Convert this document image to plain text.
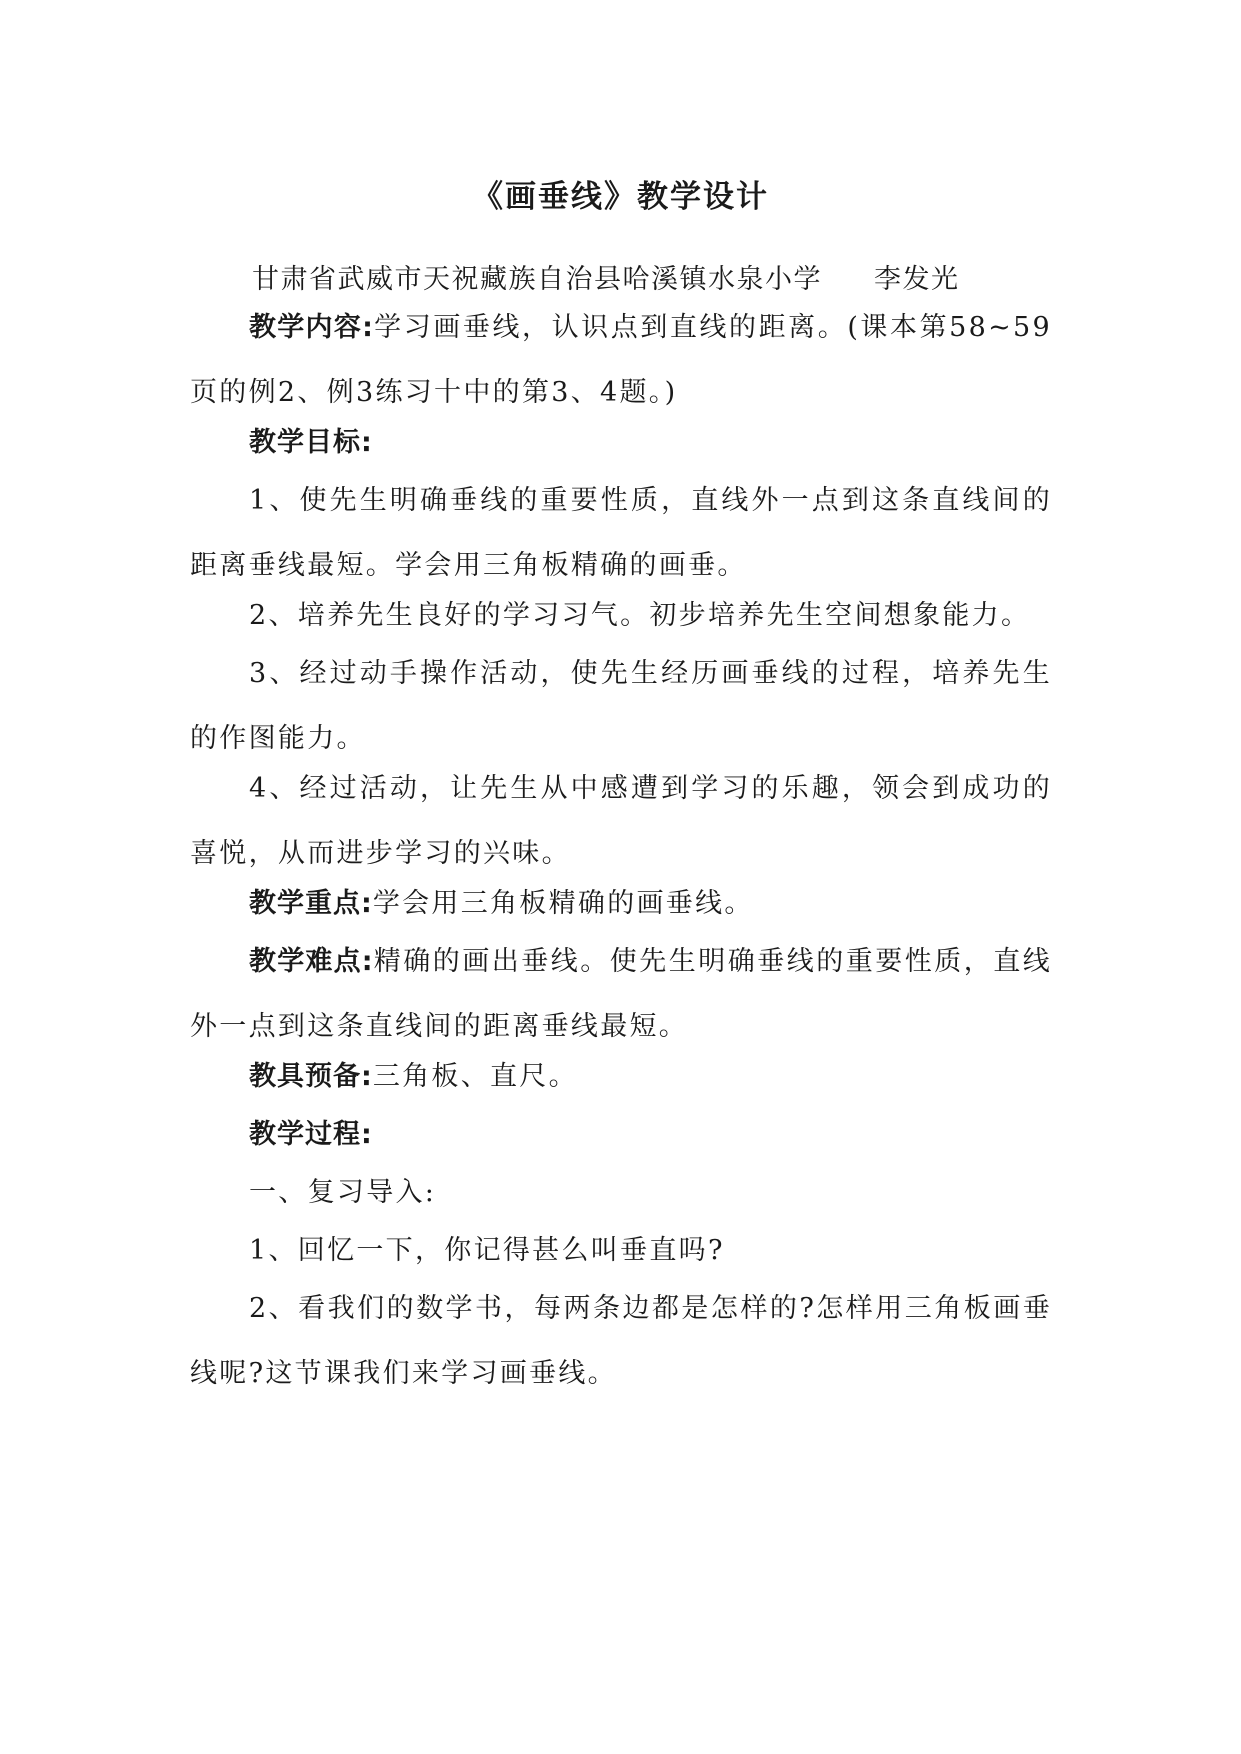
《画垂线》教学设计
甘肃省武威市天祝藏族自治县哈溪镇水泉小学 李发光
教学内容:学习画垂线，认识点到直线的距离。(课本第58~59页的例2、例3练习十中的第3、4题。)
教学目标:
1、使先生明确垂线的重要性质，直线外一点到这条直线间的距离垂线最短。学会用三角板精确的画垂。
2、培养先生良好的学习习气。初步培养先生空间想象能力。
3、经过动手操作活动，使先生经历画垂线的过程，培养先生的作图能力。
4、经过活动，让先生从中感遭到学习的乐趣，领会到成功的喜悦，从而进步学习的兴味。
教学重点:学会用三角板精确的画垂线。
教学难点:精确的画出垂线。使先生明确垂线的重要性质，直线外一点到这条直线间的距离垂线最短。
教具预备:三角板、直尺。
教学过程:
一、复习导入:
1、回忆一下，你记得甚么叫垂直吗?
2、看我们的数学书，每两条边都是怎样的?怎样用三角板画垂线呢?这节课我们来学习画垂线。
